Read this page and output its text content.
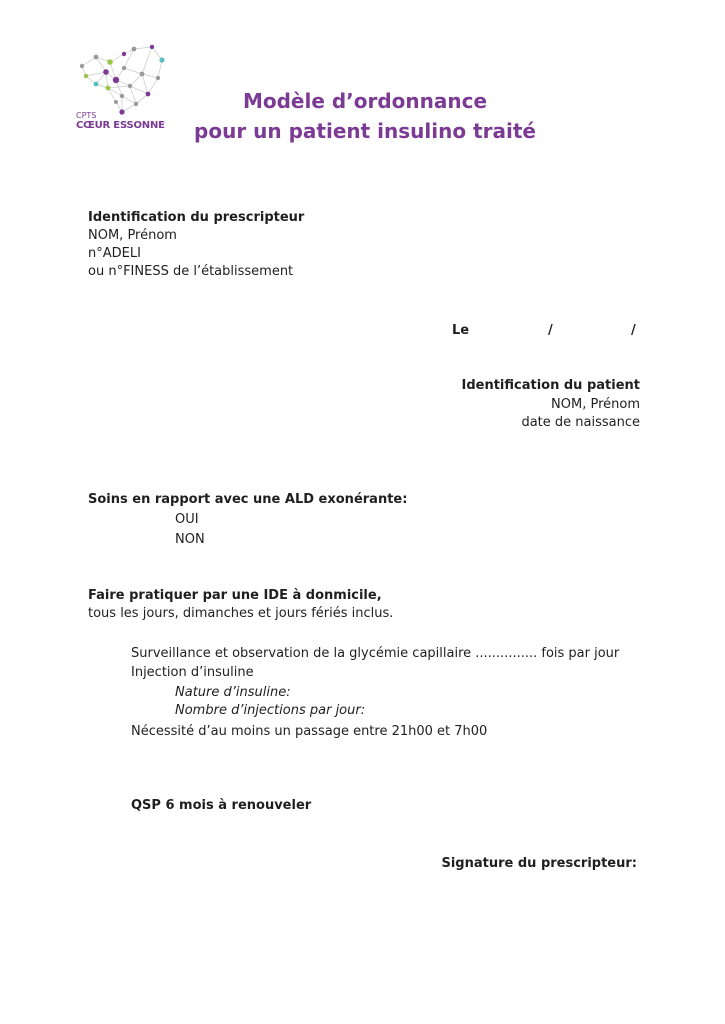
CPTS
CŒUR ESSONNE
Modèle d’ordonnance
pour un patient insulino traité
Identification du prescripteur
NOM, Prénom
n°ADELI
ou n°FINESS de l’établissement
Le	/	/
Identification du patient
NOM, Prénom
date de naissance
Soins en rapport avec une ALD exonérante:
OUI
NON
Faire pratiquer par une IDE à donmicile,
tous les jours, dimanches et jours fériés inclus.
Surveillance et observation de la glycémie capillaire ............... fois par jour
Injection d’insuline
Nature d’insuline:
Nombre d’injections par jour:
Nécessité d’au moins un passage entre 21h00 et 7h00
QSP 6 mois à renouveler
Signature du prescripteur:
